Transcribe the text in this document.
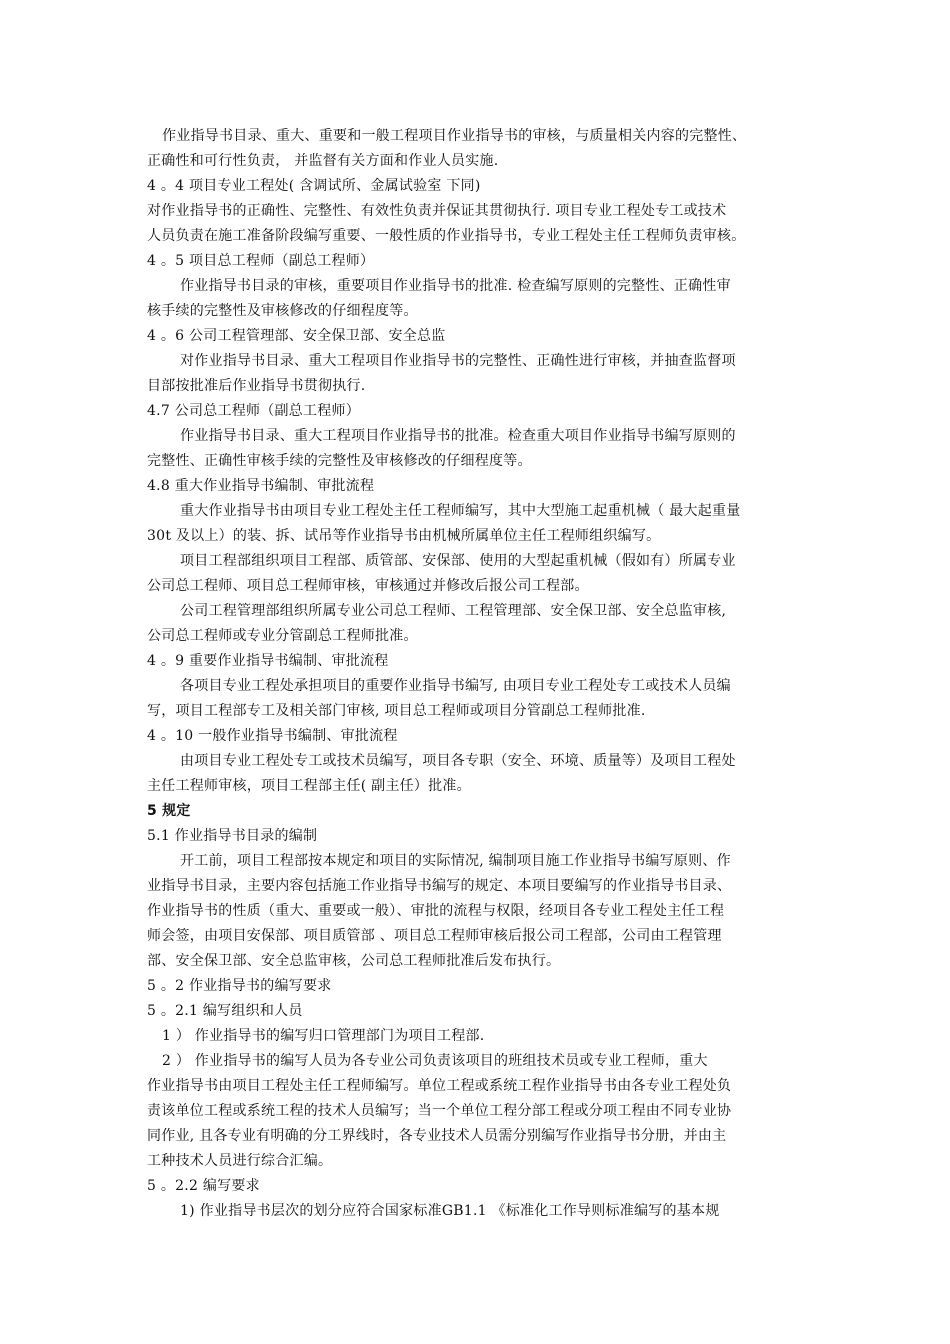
作业指导书目录、重大、重要和一般工程项目作业指导书的审核，与质量相关内容的完整性、
正确性和可行性负责， 并监督有关方面和作业人员实施.
4 。4 项目专业工程处( 含调试所、金属试验室 下同)
对作业指导书的正确性、完整性、有效性负责并保证其贯彻执行. 项目专业工程处专工或技术
人员负责在施工准备阶段编写重要、一般性质的作业指导书，专业工程处主任工程师负责审核。
4 。5 项目总工程师（副总工程师）
作业指导书目录的审核，重要项目作业指导书的批准. 检查编写原则的完整性、正确性审
核手续的完整性及审核修改的仔细程度等。
4 。6 公司工程管理部、安全保卫部、安全总监
对作业指导书目录、重大工程项目作业指导书的完整性、正确性进行审核，并抽查监督项
目部按批准后作业指导书贯彻执行.
4.7 公司总工程师（副总工程师）
作业指导书目录、重大工程项目作业指导书的批准。检查重大项目作业指导书编写原则的
完整性、正确性审核手续的完整性及审核修改的仔细程度等。
4.8 重大作业指导书编制、审批流程
重大作业指导书由项目专业工程处主任工程师编写，其中大型施工起重机械（ 最大起重量
30t 及以上）的装、拆、试吊等作业指导书由机械所属单位主任工程师组织编写。
项目工程部组织项目工程部、质管部、安保部、使用的大型起重机械（假如有）所属专业
公司总工程师、项目总工程师审核，审核通过并修改后报公司工程部。
公司工程管理部组织所属专业公司总工程师、工程管理部、安全保卫部、安全总监审核,
公司总工程师或专业分管副总工程师批准。
4 。9 重要作业指导书编制、审批流程
各项目专业工程处承担项目的重要作业指导书编写, 由项目专业工程处专工或技术人员编
写，项目工程部专工及相关部门审核, 项目总工程师或项目分管副总工程师批准.
4 。10 一般作业指导书编制、审批流程
由项目专业工程处专工或技术员编写，项目各专职（安全、环境、质量等）及项目工程处
主任工程师审核，项目工程部主任( 副主任）批准。
5 规定
5.1 作业指导书目录的编制
开工前，项目工程部按本规定和项目的实际情况, 编制项目施工作业指导书编写原则、作
业指导书目录，主要内容包括施工作业指导书编写的规定、本项目要编写的作业指导书目录、
作业指导书的性质（重大、重要或一般）、审批的流程与权限，经项目各专业工程处主任工程
师会签，由项目安保部、项目质管部 、项目总工程师审核后报公司工程部，公司由工程管理
部、安全保卫部、安全总监审核，公司总工程师批准后发布执行。
5 。2 作业指导书的编写要求
5 。2.1 编写组织和人员
1 ） 作业指导书的编写归口管理部门为项目工程部.
2 ） 作业指导书的编写人员为各专业公司负责该项目的班组技术员或专业工程师，重大
作业指导书由项目工程处主任工程师编写。单位工程或系统工程作业指导书由各专业工程处负
责该单位工程或系统工程的技术人员编写；当一个单位工程分部工程或分项工程由不同专业协
同作业, 且各专业有明确的分工界线时，各专业技术人员需分别编写作业指导书分册，并由主
工种技术人员进行综合汇编。
5 。2.2 编写要求
1) 作业指导书层次的划分应符合国家标准GB1.1 《标准化工作导则标准编写的基本规
